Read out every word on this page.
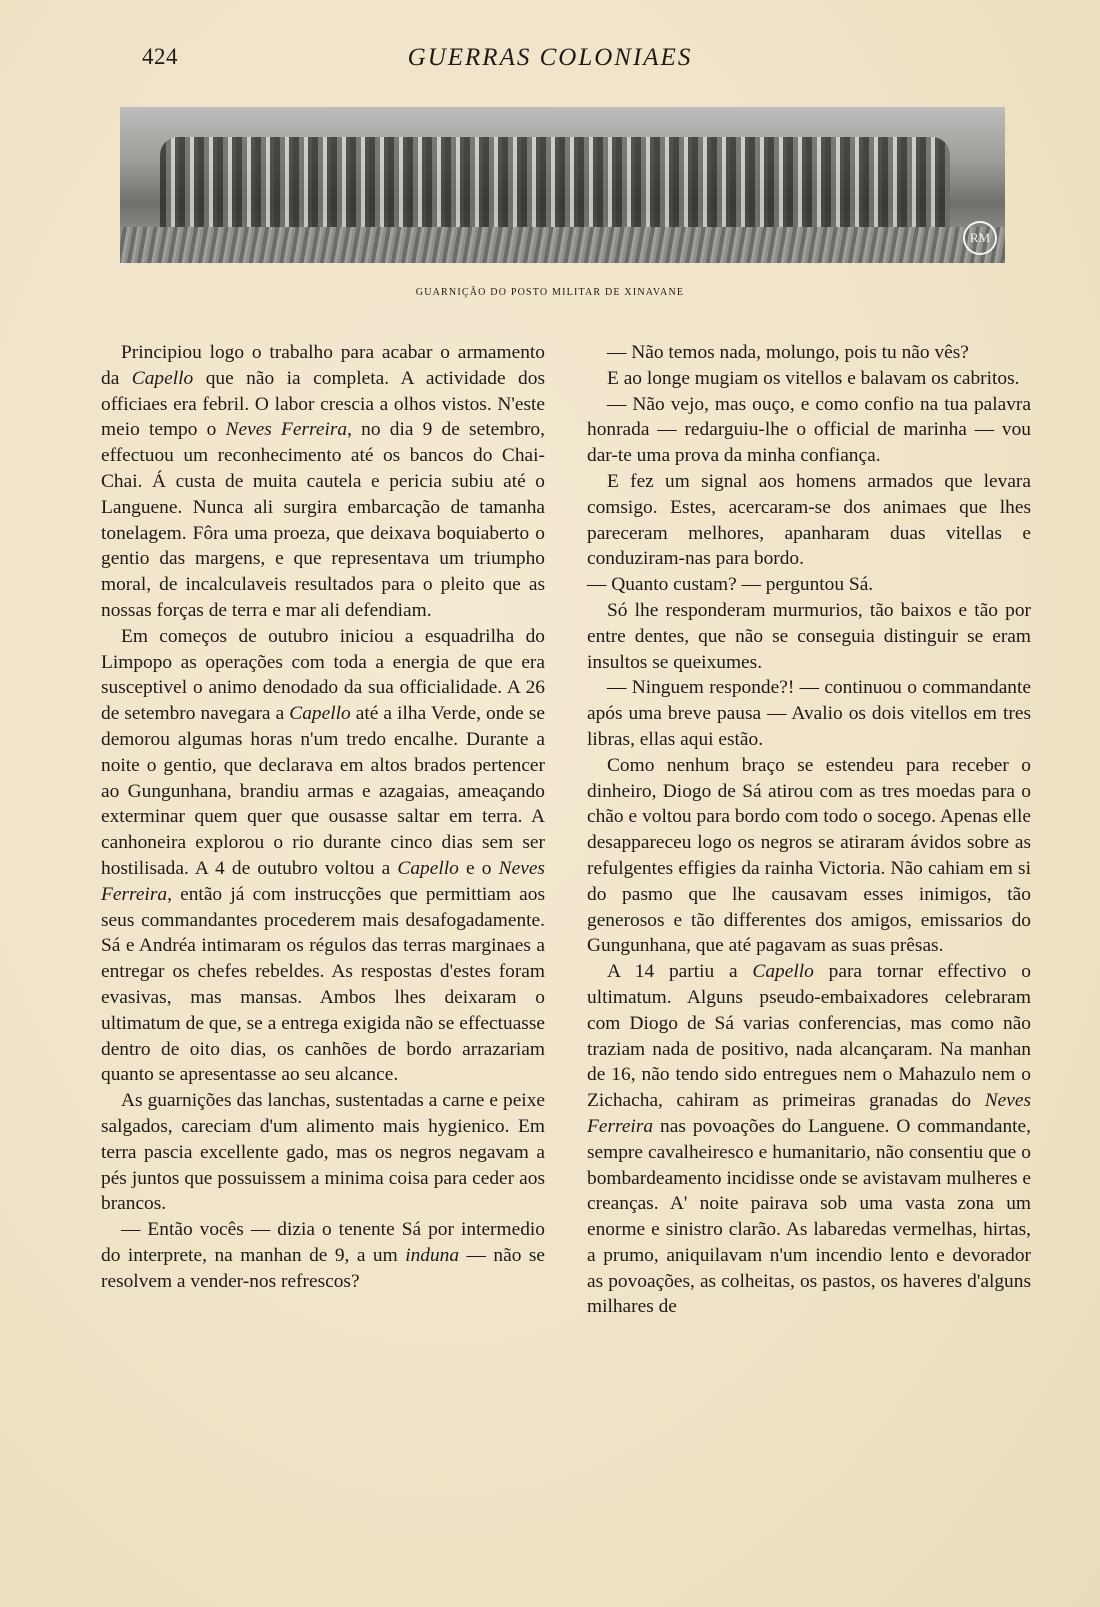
424	GUERRAS COLONIAES
RM
GUARNIÇÃO DO POSTO MILITAR DE XINAVANE

Principiou logo o trabalho para acabar o armamento da Capello que não ia completa. A actividade dos officiaes era febril. O labor crescia a olhos vistos. N'este meio tempo o Neves Ferreira, no dia 9 de setembro, effectuou um reconhecimento até os bancos do Chai-Chai. Á custa de muita cautela e pericia subiu até o Languene. Nunca ali surgira embarcação de tamanha tonelagem. Fôra uma proeza, que deixava boquiaberto o gentio das margens, e que representava um triumpho moral, de incalculaveis resultados para o pleito que as nossas forças de terra e mar ali defendiam.

Em começos de outubro iniciou a esquadrilha do Limpopo as operações com toda a energia de que era susceptivel o animo denodado da sua officialidade. A 26 de setembro navegara a Capello até a ilha Verde, onde se demorou algumas horas n'um tredo encalhe. Durante a noite o gentio, que declarava em altos brados pertencer ao Gungunhana, brandiu armas e azagaias, ameaçando exterminar quem quer que ousasse saltar em terra. A canhoneira explorou o rio durante cinco dias sem ser hostilisada. A 4 de outubro voltou a Capello e o Neves Ferreira, então já com instrucções que permittiam aos seus commandantes procederem mais desafogadamente. Sá e Andréa intimaram os régulos das terras marginaes a entregar os chefes rebeldes. As respostas d'estes foram evasivas, mas mansas. Ambos lhes deixaram o ultimatum de que, se a entrega exigida não se effectuasse dentro de oito dias, os canhões de bordo arrazariam quanto se apresentasse ao seu alcance.

As guarnições das lanchas, sustentadas a carne e peixe salgados, careciam d'um alimento mais hygienico. Em terra pascia excellente gado, mas os negros negavam a pés juntos que possuissem a minima coisa para ceder aos brancos.

— Então vocês — dizia o tenente Sá por intermedio do interprete, na manhan de 9, a um induna — não se resolvem a vender-nos refrescos?

— Não temos nada, molungo, pois tu não vês?

E ao longe mugiam os vitellos e balavam os cabritos.

— Não vejo, mas ouço, e como confio na tua palavra honrada — redarguiu-lhe o official de marinha — vou dar-te uma prova da minha confiança.

E fez um signal aos homens armados que levara comsigo. Estes, acercaram-se dos animaes que lhes pareceram melhores, apanharam duas vitellas e conduziram-nas para bordo.

— Quanto custam? — perguntou Sá.

Só lhe responderam murmurios, tão baixos e tão por entre dentes, que não se conseguia distinguir se eram insultos se queixumes.

— Ninguem responde?! — continuou o commandante após uma breve pausa — Avalio os dois vitellos em tres libras, ellas aqui estão.

Como nenhum braço se estendeu para receber o dinheiro, Diogo de Sá atirou com as tres moedas para o chão e voltou para bordo com todo o socego. Apenas elle desappareceu logo os negros se atiraram ávidos sobre as refulgentes effigies da rainha Victoria. Não cahiam em si do pasmo que lhe causavam esses inimigos, tão generosos e tão differentes dos amigos, emissarios do Gungunhana, que até pagavam as suas prêsas.

A 14 partiu a Capello para tornar effectivo o ultimatum. Alguns pseudo-embaixadores celebraram com Diogo de Sá varias conferencias, mas como não traziam nada de positivo, nada alcançaram. Na manhan de 16, não tendo sido entregues nem o Mahazulo nem o Zichacha, cahiram as primeiras granadas do Neves Ferreira nas povoações do Languene. O commandante, sempre cavalheiresco e humanitario, não consentiu que o bombardeamento incidisse onde se avistavam mulheres e creanças. A' noite pairava sob uma vasta zona um enorme e sinistro clarão. As labaredas vermelhas, hirtas, a prumo, aniquilavam n'um incendio lento e devorador as povoações, as colheitas, os pastos, os haveres d'alguns milhares de
